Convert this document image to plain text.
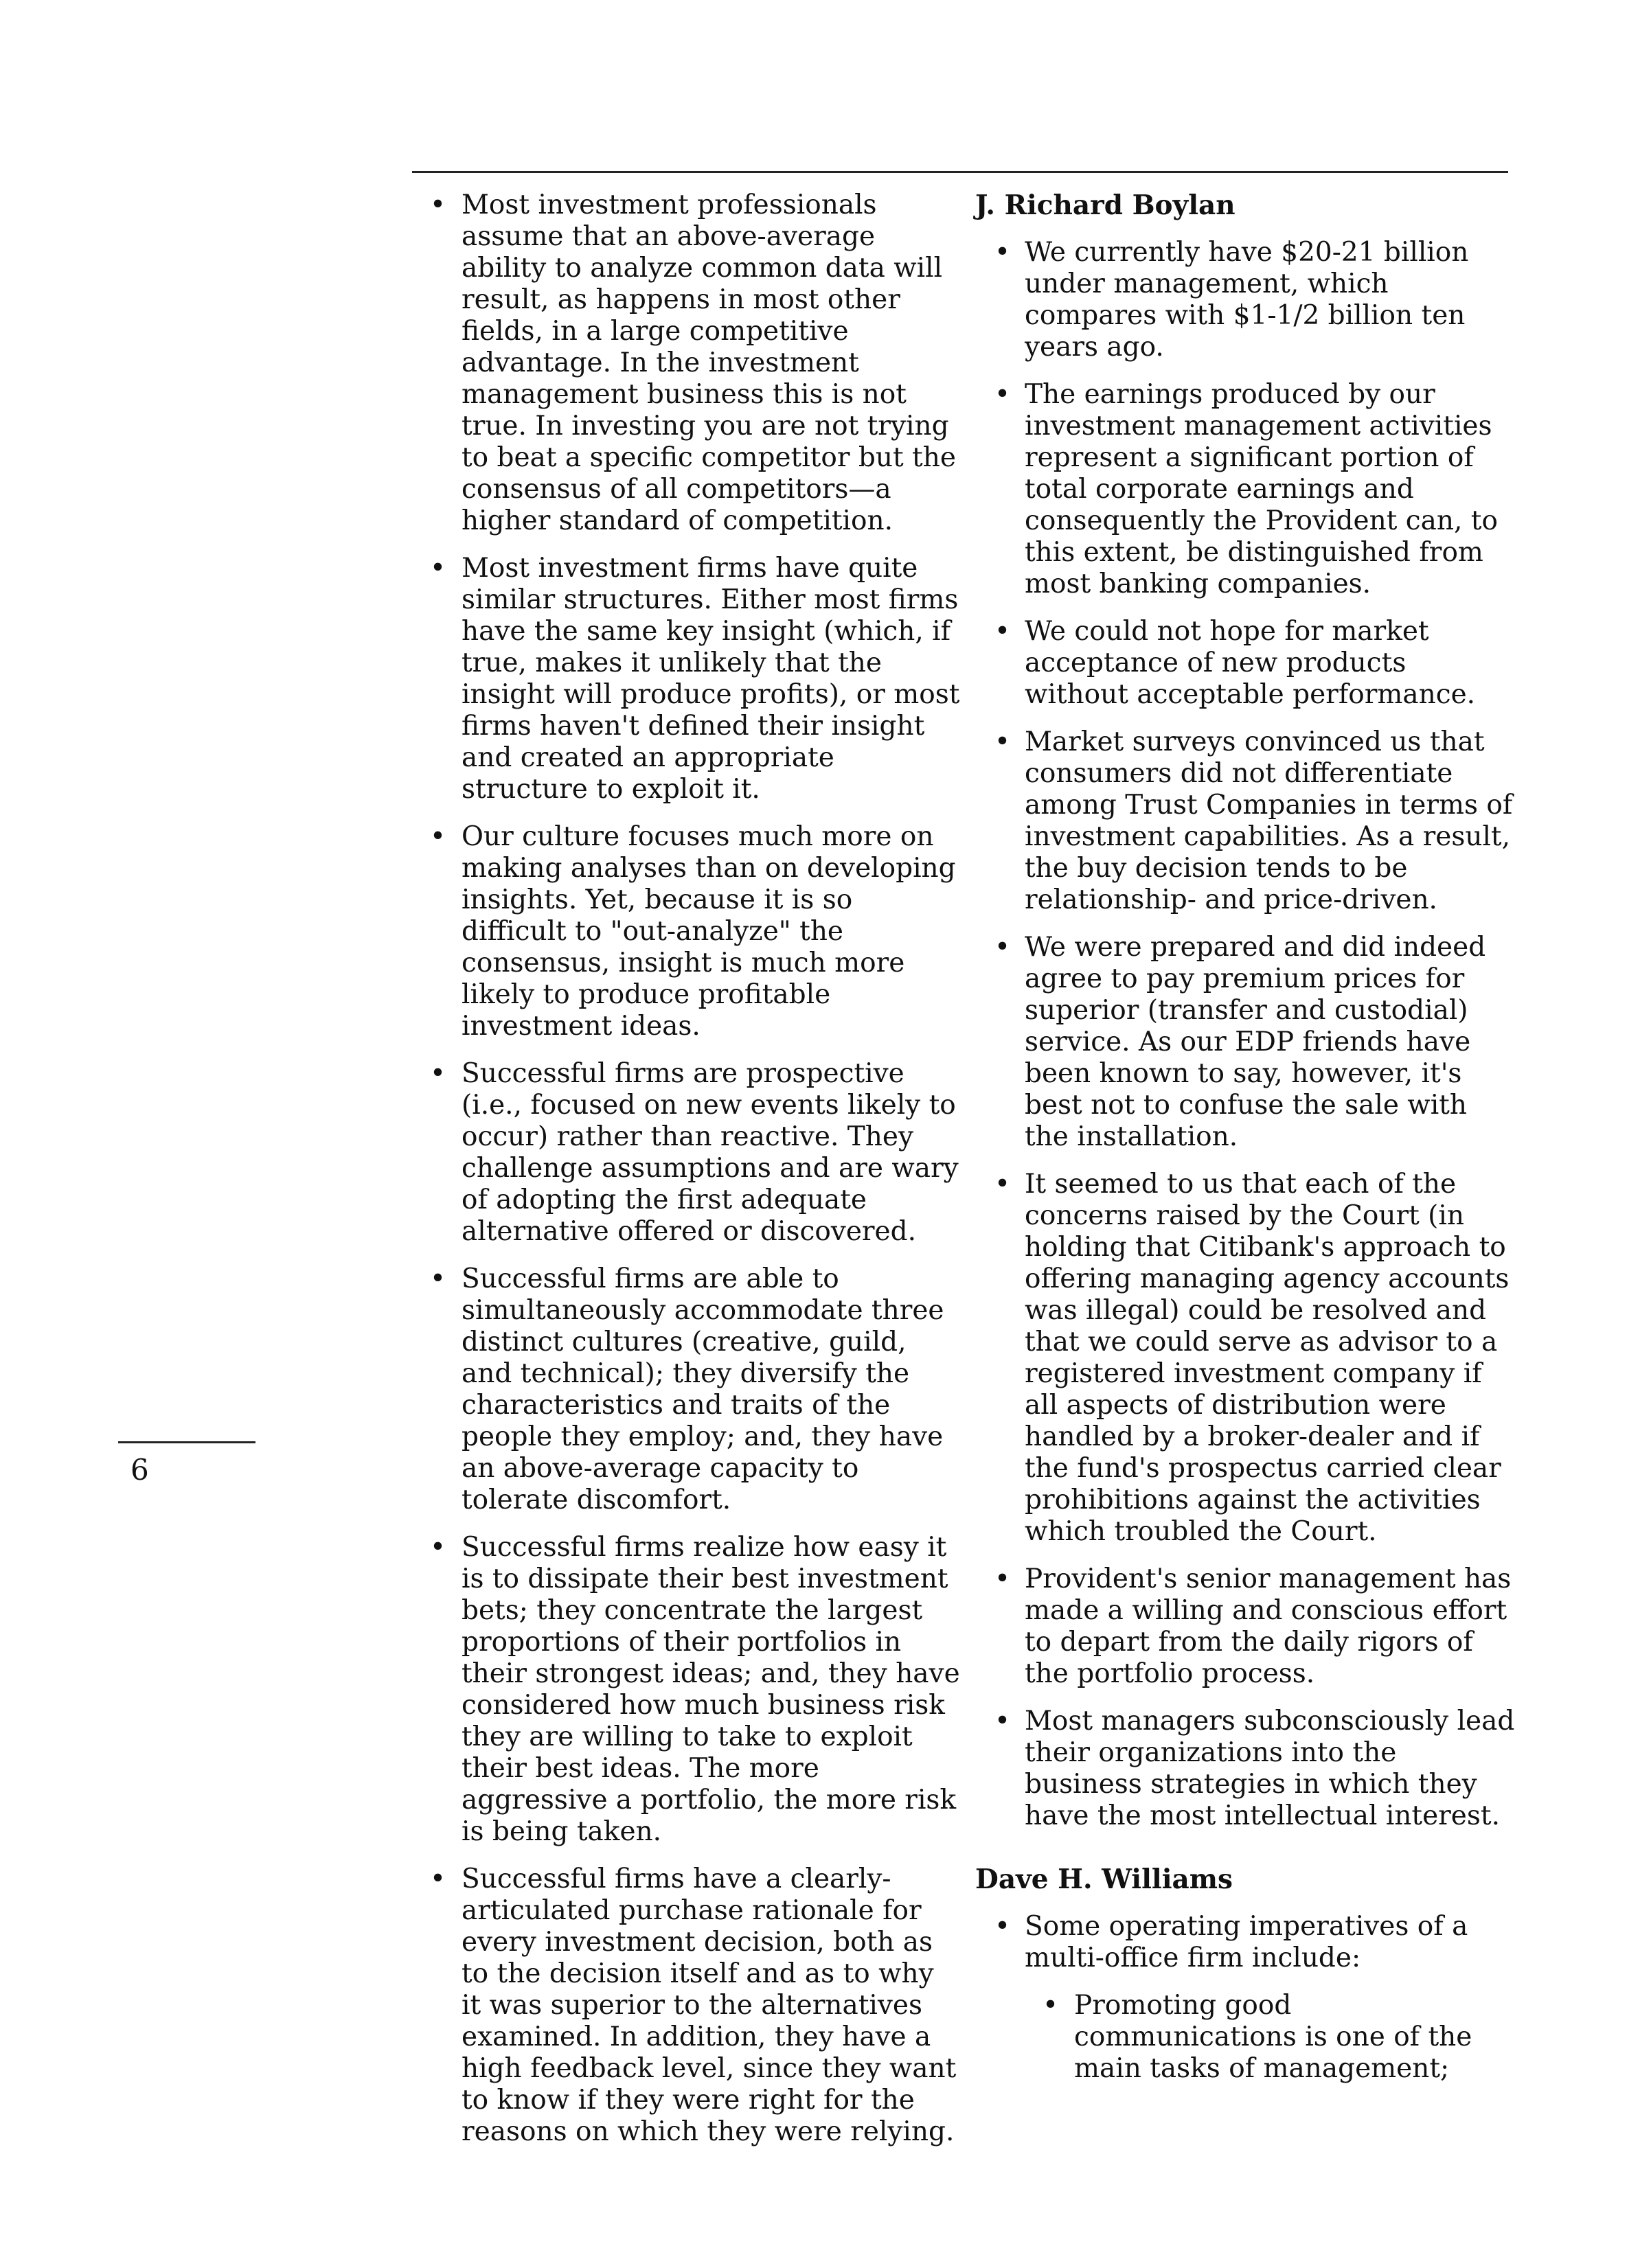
6
• Most investment professionals assume that an above-average ability to analyze common data will result, as happens in most other fields, in a large competitive advantage. In the investment management business this is not true. In investing you are not trying to beat a specific competitor but the consensus of all competitors—a higher standard of competition.
• Most investment firms have quite similar structures. Either most firms have the same key insight (which, if true, makes it unlikely that the insight will produce profits), or most firms haven't defined their insight and created an appropriate structure to exploit it.
• Our culture focuses much more on making analyses than on developing insights. Yet, because it is so difficult to "out-analyze" the consensus, insight is much more likely to produce profitable investment ideas.
• Successful firms are prospective (i.e., focused on new events likely to occur) rather than reactive. They challenge assumptions and are wary of adopting the first adequate alternative offered or discovered.
• Successful firms are able to simultaneously accommodate three distinct cultures (creative, guild, and technical); they diversify the characteristics and traits of the people they employ; and, they have an above-average capacity to tolerate discomfort.
• Successful firms realize how easy it is to dissipate their best investment bets; they concentrate the largest proportions of their portfolios in their strongest ideas; and, they have considered how much business risk they are willing to take to exploit their best ideas. The more aggressive a portfolio, the more risk is being taken.
• Successful firms have a clearly-articulated purchase rationale for every investment decision, both as to the decision itself and as to why it was superior to the alternatives examined. In addition, they have a high feedback level, since they want to know if they were right for the reasons on which they were relying.
J. Richard Boylan
• We currently have $20-21 billion under management, which compares with $1-1/2 billion ten years ago.
• The earnings produced by our investment management activities represent a significant portion of total corporate earnings and consequently the Provident can, to this extent, be distinguished from most banking companies.
• We could not hope for market acceptance of new products without acceptable performance.
• Market surveys convinced us that consumers did not differentiate among Trust Companies in terms of investment capabilities. As a result, the buy decision tends to be relationship- and price-driven.
• We were prepared and did indeed agree to pay premium prices for superior (transfer and custodial) service. As our EDP friends have been known to say, however, it's best not to confuse the sale with the installation.
• It seemed to us that each of the concerns raised by the Court (in holding that Citibank's approach to offering managing agency accounts was illegal) could be resolved and that we could serve as advisor to a registered investment company if all aspects of distribution were handled by a broker-dealer and if the fund's prospectus carried clear prohibitions against the activities which troubled the Court.
• Provident's senior management has made a willing and conscious effort to depart from the daily rigors of the portfolio process.
• Most managers subconsciously lead their organizations into the business strategies in which they have the most intellectual interest.
Dave H. Williams
• Some operating imperatives of a multi-office firm include:
• Promoting good communications is one of the main tasks of management;
